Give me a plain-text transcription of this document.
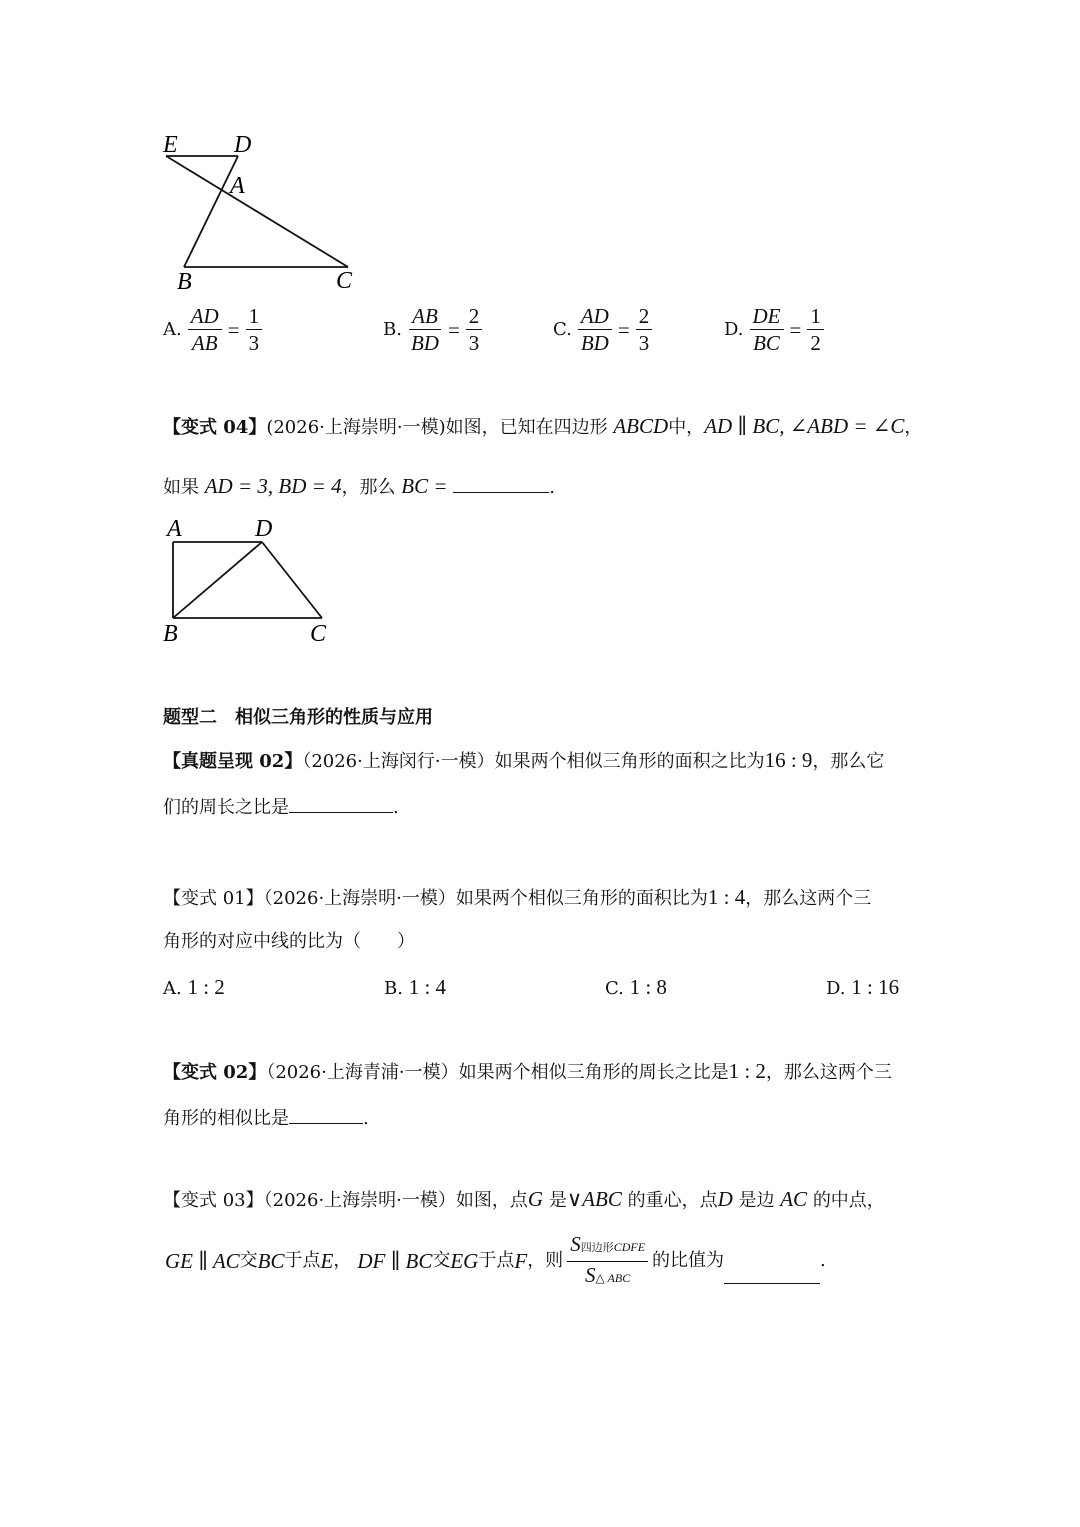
E D
A
B	C
A. $\frac{AD}{AB} = \frac{1}{3}$	B. $\frac{AB}{BD} = \frac{2}{3}$	C. $\frac{AD}{BD} = \frac{2}{3}$	D. $\frac{DE}{BC} = \frac{1}{2}$
【变式 04】(2026·上海崇明·一模)如图，已知在四边形 ABCD中，AD ∥ BC, ∠ABD = ∠C，
如果 AD = 3, BD = 4，那么 BC =	.
A	D
B	C
题型二　相似三角形的性质与应用
【真题呈现 02】（2026·上海闵行·一模）如果两个相似三角形的面积之比为16 : 9，那么它
们的周长之比是	.
【变式 01】（2026·上海崇明·一模）如果两个相似三角形的面积比为1 : 4，那么这两个三
角形的对应中线的比为（　　）
A. 1 : 2	B. 1 : 4	C. 1 : 8	D. 1 : 16
【变式 02】（2026·上海青浦·一模）如果两个相似三角形的周长之比是1 : 2，那么这两个三
角形的相似比是	.
【变式 03】（2026·上海崇明·一模）如图，点G 是∨ABC 的重心，点D 是边 AC 的中点，
GE ∥ AC 交 BC 于点 E ， DF ∥ BC 交 EG 于点 F ，则 $\frac{\text{S四边形CDFE}}{\text{S△ ABC}}$ 的比值为	.
